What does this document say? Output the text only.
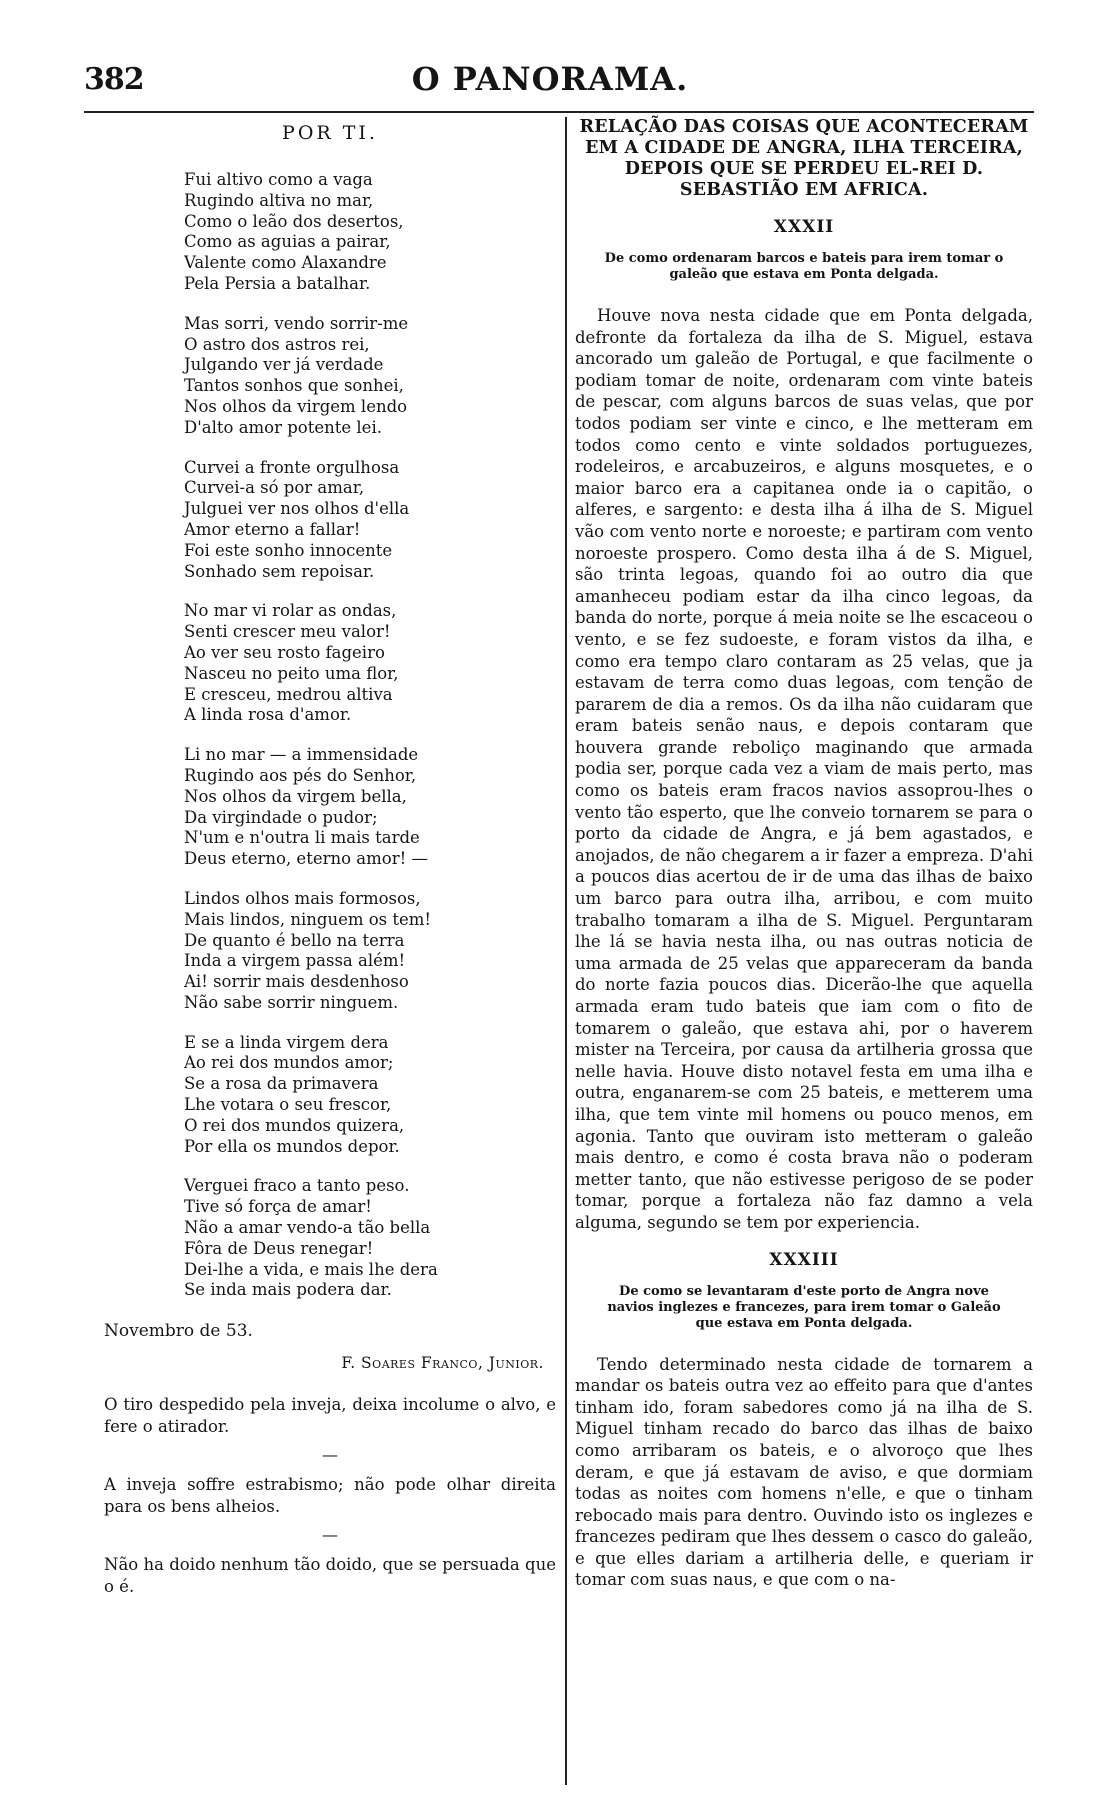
382	O PANORAMA.
POR TI.
Fui altivo como a vaga
Rugindo altiva no mar,
Como o leão dos desertos,
Como as aguias a pairar,
Valente como Alaxandre
Pela Persia a batalhar.
Mas sorri, vendo sorrir-me
O astro dos astros rei,
Julgando ver já verdade
Tantos sonhos que sonhei,
Nos olhos da virgem lendo
D'alto amor potente lei.
Curvei a fronte orgulhosa
Curvei-a só por amar,
Julguei ver nos olhos d'ella
Amor eterno a fallar!
Foi este sonho innocente
Sonhado sem repoisar.
No mar vi rolar as ondas,
Senti crescer meu valor!
Ao ver seu rosto fageiro
Nasceu no peito uma flor,
E cresceu, medrou altiva
A linda rosa d'amor.
Li no mar — a immensidade
Rugindo aos pés do Senhor,
Nos olhos da virgem bella,
Da virgindade o pudor;
N'um e n'outra li mais tarde
Deus eterno, eterno amor! —
Lindos olhos mais formosos,
Mais lindos, ninguem os tem!
De quanto é bello na terra
Inda a virgem passa além!
Ai! sorrir mais desdenhoso
Não sabe sorrir ninguem.
E se a linda virgem dera
Ao rei dos mundos amor;
Se a rosa da primavera
Lhe votara o seu frescor,
O rei dos mundos quizera,
Por ella os mundos depor.
Verguei fraco a tanto peso.
Tive só força de amar!
Não a amar vendo-a tão bella
Fôra de Deus renegar!
Dei-lhe a vida, e mais lhe dera
Se inda mais podera dar.
Novembro de 53.
F. Soares Franco, Junior.

O tiro despedido pela inveja, deixa incolume o alvo, e fere o atirador.

—

A inveja soffre estrabismo; não pode olhar direita para os bens alheios.

—

Não ha doido nenhum tão doido, que se persuada que o é.

RELAÇÃO DAS COISAS QUE ACONTECERAM EM A CIDADE DE ANGRA, ILHA TERCEIRA, DEPOIS QUE SE PERDEU EL-REI D. SEBASTIÃO EM AFRICA.
XXXII
De como ordenaram barcos e bateis para irem tomar o galeão que estava em Ponta delgada.

Houve nova nesta cidade que em Ponta delgada, defronte da fortaleza da ilha de S. Miguel, estava ancorado um galeão de Portugal, e que facilmente o podiam tomar de noite, ordenaram com vinte bateis de pescar, com alguns barcos de suas velas, que por todos podiam ser vinte e cinco, e lhe metteram em todos como cento e vinte soldados portuguezes, rodeleiros, e arcabuzeiros, e alguns mosquetes, e o maior barco era a capitanea onde ia o capitão, o alferes, e sargento: e desta ilha á ilha de S. Miguel vão com vento norte e noroeste; e partiram com vento noroeste prospero. Como desta ilha á de S. Miguel, são trinta legoas, quando foi ao outro dia que amanheceu podiam estar da ilha cinco legoas, da banda do norte, porque á meia noite se lhe escaceou o vento, e se fez sudoeste, e foram vistos da ilha, e como era tempo claro contaram as 25 velas, que ja estavam de terra como duas legoas, com tenção de pararem de dia a remos. Os da ilha não cuidaram que eram bateis senão naus, e depois contaram que houvera grande reboliço maginando que armada podia ser, porque cada vez a viam de mais perto, mas como os bateis eram fracos navios assoprou-lhes o vento tão esperto, que lhe conveio tornarem se para o porto da cidade de Angra, e já bem agastados, e anojados, de não chegarem a ir fazer a empreza. D'ahi a poucos dias acertou de ir de uma das ilhas de baixo um barco para outra ilha, arribou, e com muito trabalho tomaram a ilha de S. Miguel. Perguntaram lhe lá se havia nesta ilha, ou nas outras noticia de uma armada de 25 velas que appareceram da banda do norte fazia poucos dias. Dicerão-lhe que aquella armada eram tudo bateis que iam com o fito de tomarem o galeão, que estava ahi, por o haverem mister na Terceira, por causa da artilheria grossa que nelle havia. Houve disto notavel festa em uma ilha e outra, enganarem-se com 25 bateis, e metterem uma ilha, que tem vinte mil homens ou pouco menos, em agonia. Tanto que ouviram isto metteram o galeão mais dentro, e como é costa brava não o poderam metter tanto, que não estivesse perigoso de se poder tomar, porque a fortaleza não faz damno a vela alguma, segundo se tem por experiencia.

XXXIII
De como se levantaram d'este porto de Angra nove navios inglezes e francezes, para irem tomar o Galeão que estava em Ponta delgada.

Tendo determinado nesta cidade de tornarem a mandar os bateis outra vez ao effeito para que d'antes tinham ido, foram sabedores como já na ilha de S. Miguel tinham recado do barco das ilhas de baixo como arribaram os bateis, e o alvoroço que lhes deram, e que já estavam de aviso, e que dormiam todas as noites com homens n'elle, e que o tinham rebocado mais para dentro. Ouvindo isto os inglezes e francezes pediram que lhes dessem o casco do galeão, e que elles dariam a artilheria delle, e queriam ir tomar com suas naus, e que com o na-
